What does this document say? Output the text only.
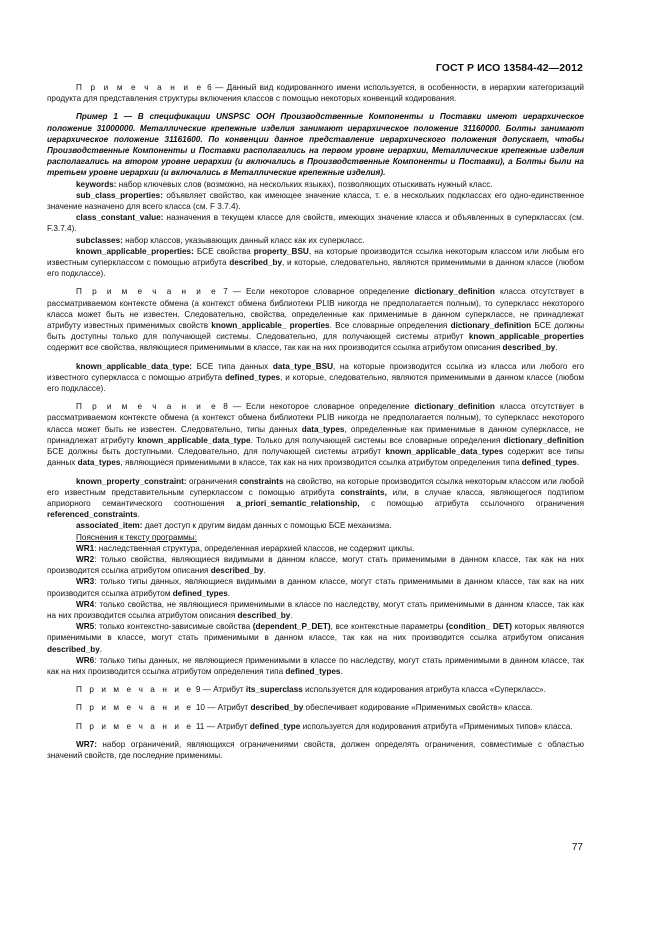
ГОСТ Р ИСО 13584-42—2012

П р и м е ч а н и е 6 — Данный вид кодированного имени используется, в особенности, в иерархии категоризаций продукта для представления структуры включения классов с помощью некоторых конвенций кодирования.

Пример 1 — В спецификации UNSPSC ООН Производственные Компоненты и Поставки имеют иерархическое положение 31000000. Металлические крепежные изделия занимают иерархическое положение 31160000. Болты занимают иерархическое положение 31161600. По конвенции данное представление иерархического положения допускает, чтобы Производственные Компоненты и Поставки располагались на первом уровне иерархии, Металлические крепежные изделия располагались на втором уровне иерархии (и включались в Производственные Компоненты и Поставки), а Болты были на третьем уровне иерархии (и включались в Металлические крепежные изделия).

keywords: набор ключевых слов (возможно, на нескольких языках), позволяющих отыскивать нужный класс.

sub_class_properties: объявляет свойство, как имеющее значение класса, т. е. в нескольких подклассах его одно-единственное значение назначено для всего класса (см. F 3.7.4).

class_constant_value: назначения в текущем классе для свойств, имеющих значение класса и объявленных в суперклассах (см. F.3.7.4).

subclasses: набор классов, указывающих данный класс как их суперкласс.

known_applicable_properties: БСЕ свойства property_BSU, на которые производится ссылка некоторым классом или любым его известным суперклассом с помощью атрибута described_by, и которые, следовательно, являются применимыми в данном классе (любом его подклассе).

П р и м е ч а н и е 7 — Если некоторое словарное определение dictionary_definition класса отсутствует в рассматриваемом контексте обмена (а контекст обмена библиотеки PLIB никогда не предполагается полным), то суперкласс некоторого класса может быть не известен. Следовательно, свойства, определенные как применимые в данном суперклассе, не принадлежат атрибуту известных применимых свойств known_applicable_ properties. Все словарные определения dictionary_definition БСЕ должны быть доступны только для получающей системы. Следовательно, для получающей системы атрибут known_applicable_properties содержит все свойства, являющиеся применимыми в классе, так как на них производится ссылка атрибутом описания described_by.

known_applicable_data_type: БСЕ типа данных data_type_BSU, на которые производится ссылка из класса или любого его известного суперкласса с помощью атрибута defined_types, и которые, следовательно, являются применимыми в данном классе (любом его подклассе).

П р и м е ч а н и е 8 — Если некоторое словарное определение dictionary_definition класса отсутствует в рассматриваемом контексте обмена (а контекст обмена библиотеки PLIB никогда не предполагается полным), то суперкласс некоторого класса может быть не известен. Следовательно, типы данных data_types, определенные как применимые в данном суперклассе, не принадлежат атрибуту known_applicable_data_type. Только для получающей системы все словарные определения dictionary_definition БСЕ должны быть доступными. Следовательно, для получающей системы атрибут known_applicable_data_types содержит все типы данных data_types, являющиеся применимыми в классе, так как на них производится ссылка атрибутом определения типа defined_types.

known_property_constraint: ограничения constraints на свойство, на которые производится ссылка некоторым классом или любой его известным представительным суперклассом с помощью атрибута constraints, или, в случае класса, являющегося подтипом априорного семантического соотношения a_priori_semantic_relationship, с помощью атрибута ссылочного ограничения referenced_constraints.

associated_item: дает доступ к другим видам данных с помощью БСЕ механизма.

Пояснения к тексту программы:

WR1: наследственная структура, определенная иерархией классов, не содержит циклы.

WR2: только свойства, являющиеся видимыми в данном классе, могут стать применимыми в данном классе, так как на них производится ссылка атрибутом описания described_by.

WR3: только типы данных, являющиеся видимыми в данном классе, могут стать применимыми в данном классе, так как на них производится ссылка атрибутом defined_types.

WR4: только свойства, не являющиеся применимыми в классе по наследству, могут стать применимыми в данном классе, так как на них производится ссылка атрибутом описания described_by.

WR5: только контекстно-зависимые свойства (dependent_P_DET), все контекстные параметры (condition_ DET) которых являются применимыми в классе, могут стать применимыми в данном классе, так как на них производится ссылка атрибутом описания described_by.

WR6: только типы данных, не являющиеся применимыми в классе по наследству, могут стать применимыми в данном классе, так как на них производится ссылка атрибутом определения типа defined_types.

П р и м е ч а н и е 9 — Атрибут its_superclass используется для кодирования атрибута класса «Суперкласс».

П р и м е ч а н и е 10 — Атрибут described_by обеспечивает кодирование «Применимых свойств» класса.

П р и м е ч а н и е 11 — Атрибут defined_type используется для кодирования атрибута «Применимых типов» класса.

WR7: набор ограничений, являющихся ограничениями свойств, должен определять ограничения, совместимые с областью значений свойств, где последние применимы.

77
